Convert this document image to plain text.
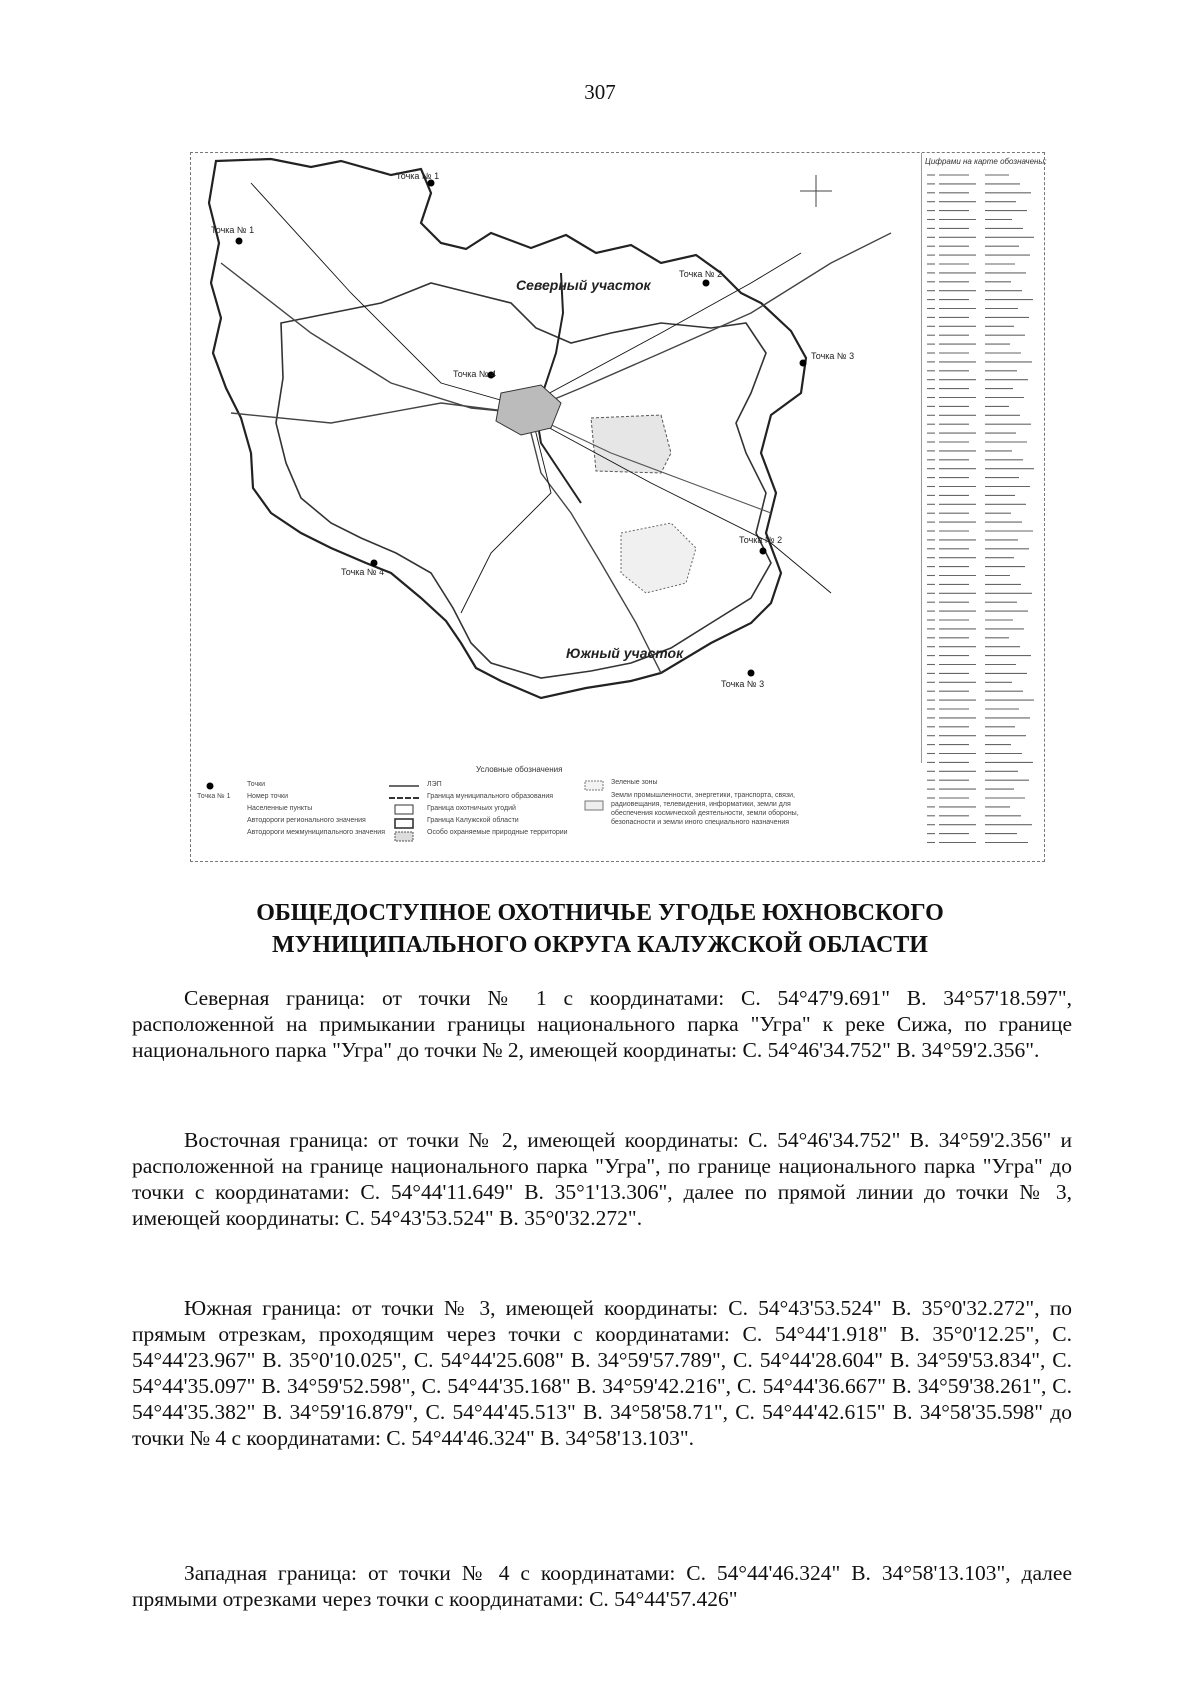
307
Точка № 1
Точка № 1
Точка № 2
Точка № 3
Точка № 4
Точка № 2
Точка № 4
Точка № 3
Северный участок
Южный участок
Условные обозначения
Точка № 1
Точки
Номер точки
Населенные пункты
Автодороги регионального значения
Автодороги межмуниципального значения
ЛЭП
Граница муниципального образования
Граница охотничьих угодий
Граница Калужской области
Особо охраняемые природные территории
Зеленые зоны
Земли промышленности, энергетики, транспорта, связи, радиовещания, телевидения, информатики, земли для обеспечения космической деятельности, земли обороны, безопасности и земли иного специального назначения
Цифрами на карте обозначены:
ОБЩЕДОСТУПНОЕ ОХОТНИЧЬЕ УГОДЬЕ ЮХНОВСКОГО
МУНИЦИПАЛЬНОГО ОКРУГА КАЛУЖСКОЙ ОБЛАСТИ
Северная граница: от точки № 1 с координатами: С. 54°47'9.691" В. 34°57'18.597", расположенной на примыкании границы национального парка "Угра" к реке Сижа, по границе национального парка "Угра" до точки № 2, имеющей координаты: С. 54°46'34.752" В. 34°59'2.356".
Восточная граница: от точки № 2, имеющей координаты: С. 54°46'34.752" В. 34°59'2.356" и расположенной на границе национального парка "Угра", по границе национального парка "Угра" до точки с координатами: С. 54°44'11.649" В. 35°1'13.306", далее по прямой линии до точки № 3, имеющей координаты: С. 54°43'53.524" В. 35°0'32.272".
Южная граница: от точки № 3, имеющей координаты: С. 54°43'53.524" В. 35°0'32.272", по прямым отрезкам, проходящим через точки с координатами: С. 54°44'1.918" В. 35°0'12.25", С. 54°44'23.967" В. 35°0'10.025", С. 54°44'25.608" В. 34°59'57.789", С. 54°44'28.604" В. 34°59'53.834", С. 54°44'35.097" В. 34°59'52.598", С. 54°44'35.168" В. 34°59'42.216", С. 54°44'36.667" В. 34°59'38.261", С. 54°44'35.382" В. 34°59'16.879", С. 54°44'45.513" В. 34°58'58.71", С. 54°44'42.615" В. 34°58'35.598" до точки № 4 с координатами: С. 54°44'46.324" В. 34°58'13.103".
Западная граница: от точки № 4 с координатами: С. 54°44'46.324" В. 34°58'13.103", далее прямыми отрезками через точки с координатами: С. 54°44'57.426"
